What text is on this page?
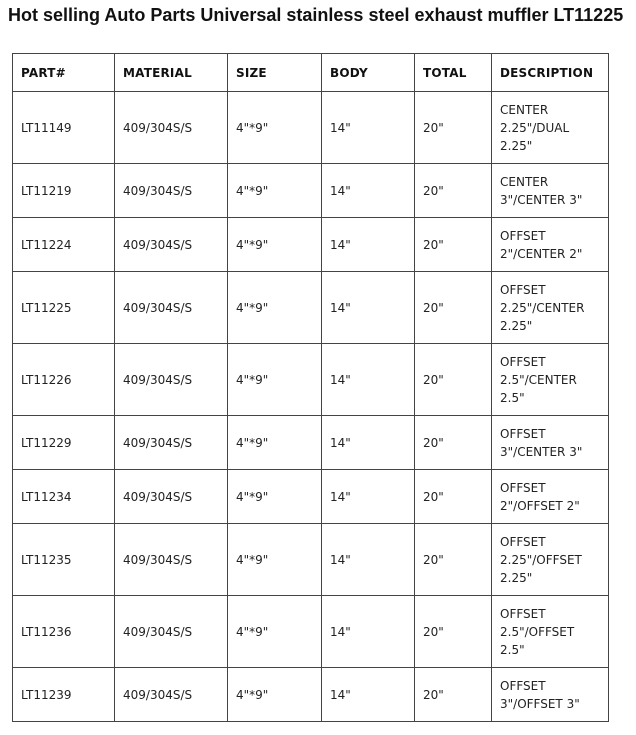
Hot selling Auto Parts Universal stainless steel exhaust muffler LT11225
PART#	MATERIAL	SIZE	BODY	TOTAL	DESCRIPTION
LT11149	409/304S/S	4"*9"	14"	20"	CENTER
2.25"/DUAL
2.25"
LT11219	409/304S/S	4"*9"	14"	20"	CENTER
3"/CENTER 3"
LT11224	409/304S/S	4"*9"	14"	20"	OFFSET
2"/CENTER 2"
LT11225	409/304S/S	4"*9"	14"	20"	OFFSET
2.25"/CENTER
2.25"
LT11226	409/304S/S	4"*9"	14"	20"	OFFSET
2.5"/CENTER
2.5"
LT11229	409/304S/S	4"*9"	14"	20"	OFFSET
3"/CENTER 3"
LT11234	409/304S/S	4"*9"	14"	20"	OFFSET
2"/OFFSET 2"
LT11235	409/304S/S	4"*9"	14"	20"	OFFSET
2.25"/OFFSET
2.25"
LT11236	409/304S/S	4"*9"	14"	20"	OFFSET
2.5"/OFFSET
2.5"
LT11239	409/304S/S	4"*9"	14"	20"	OFFSET
3"/OFFSET 3"
